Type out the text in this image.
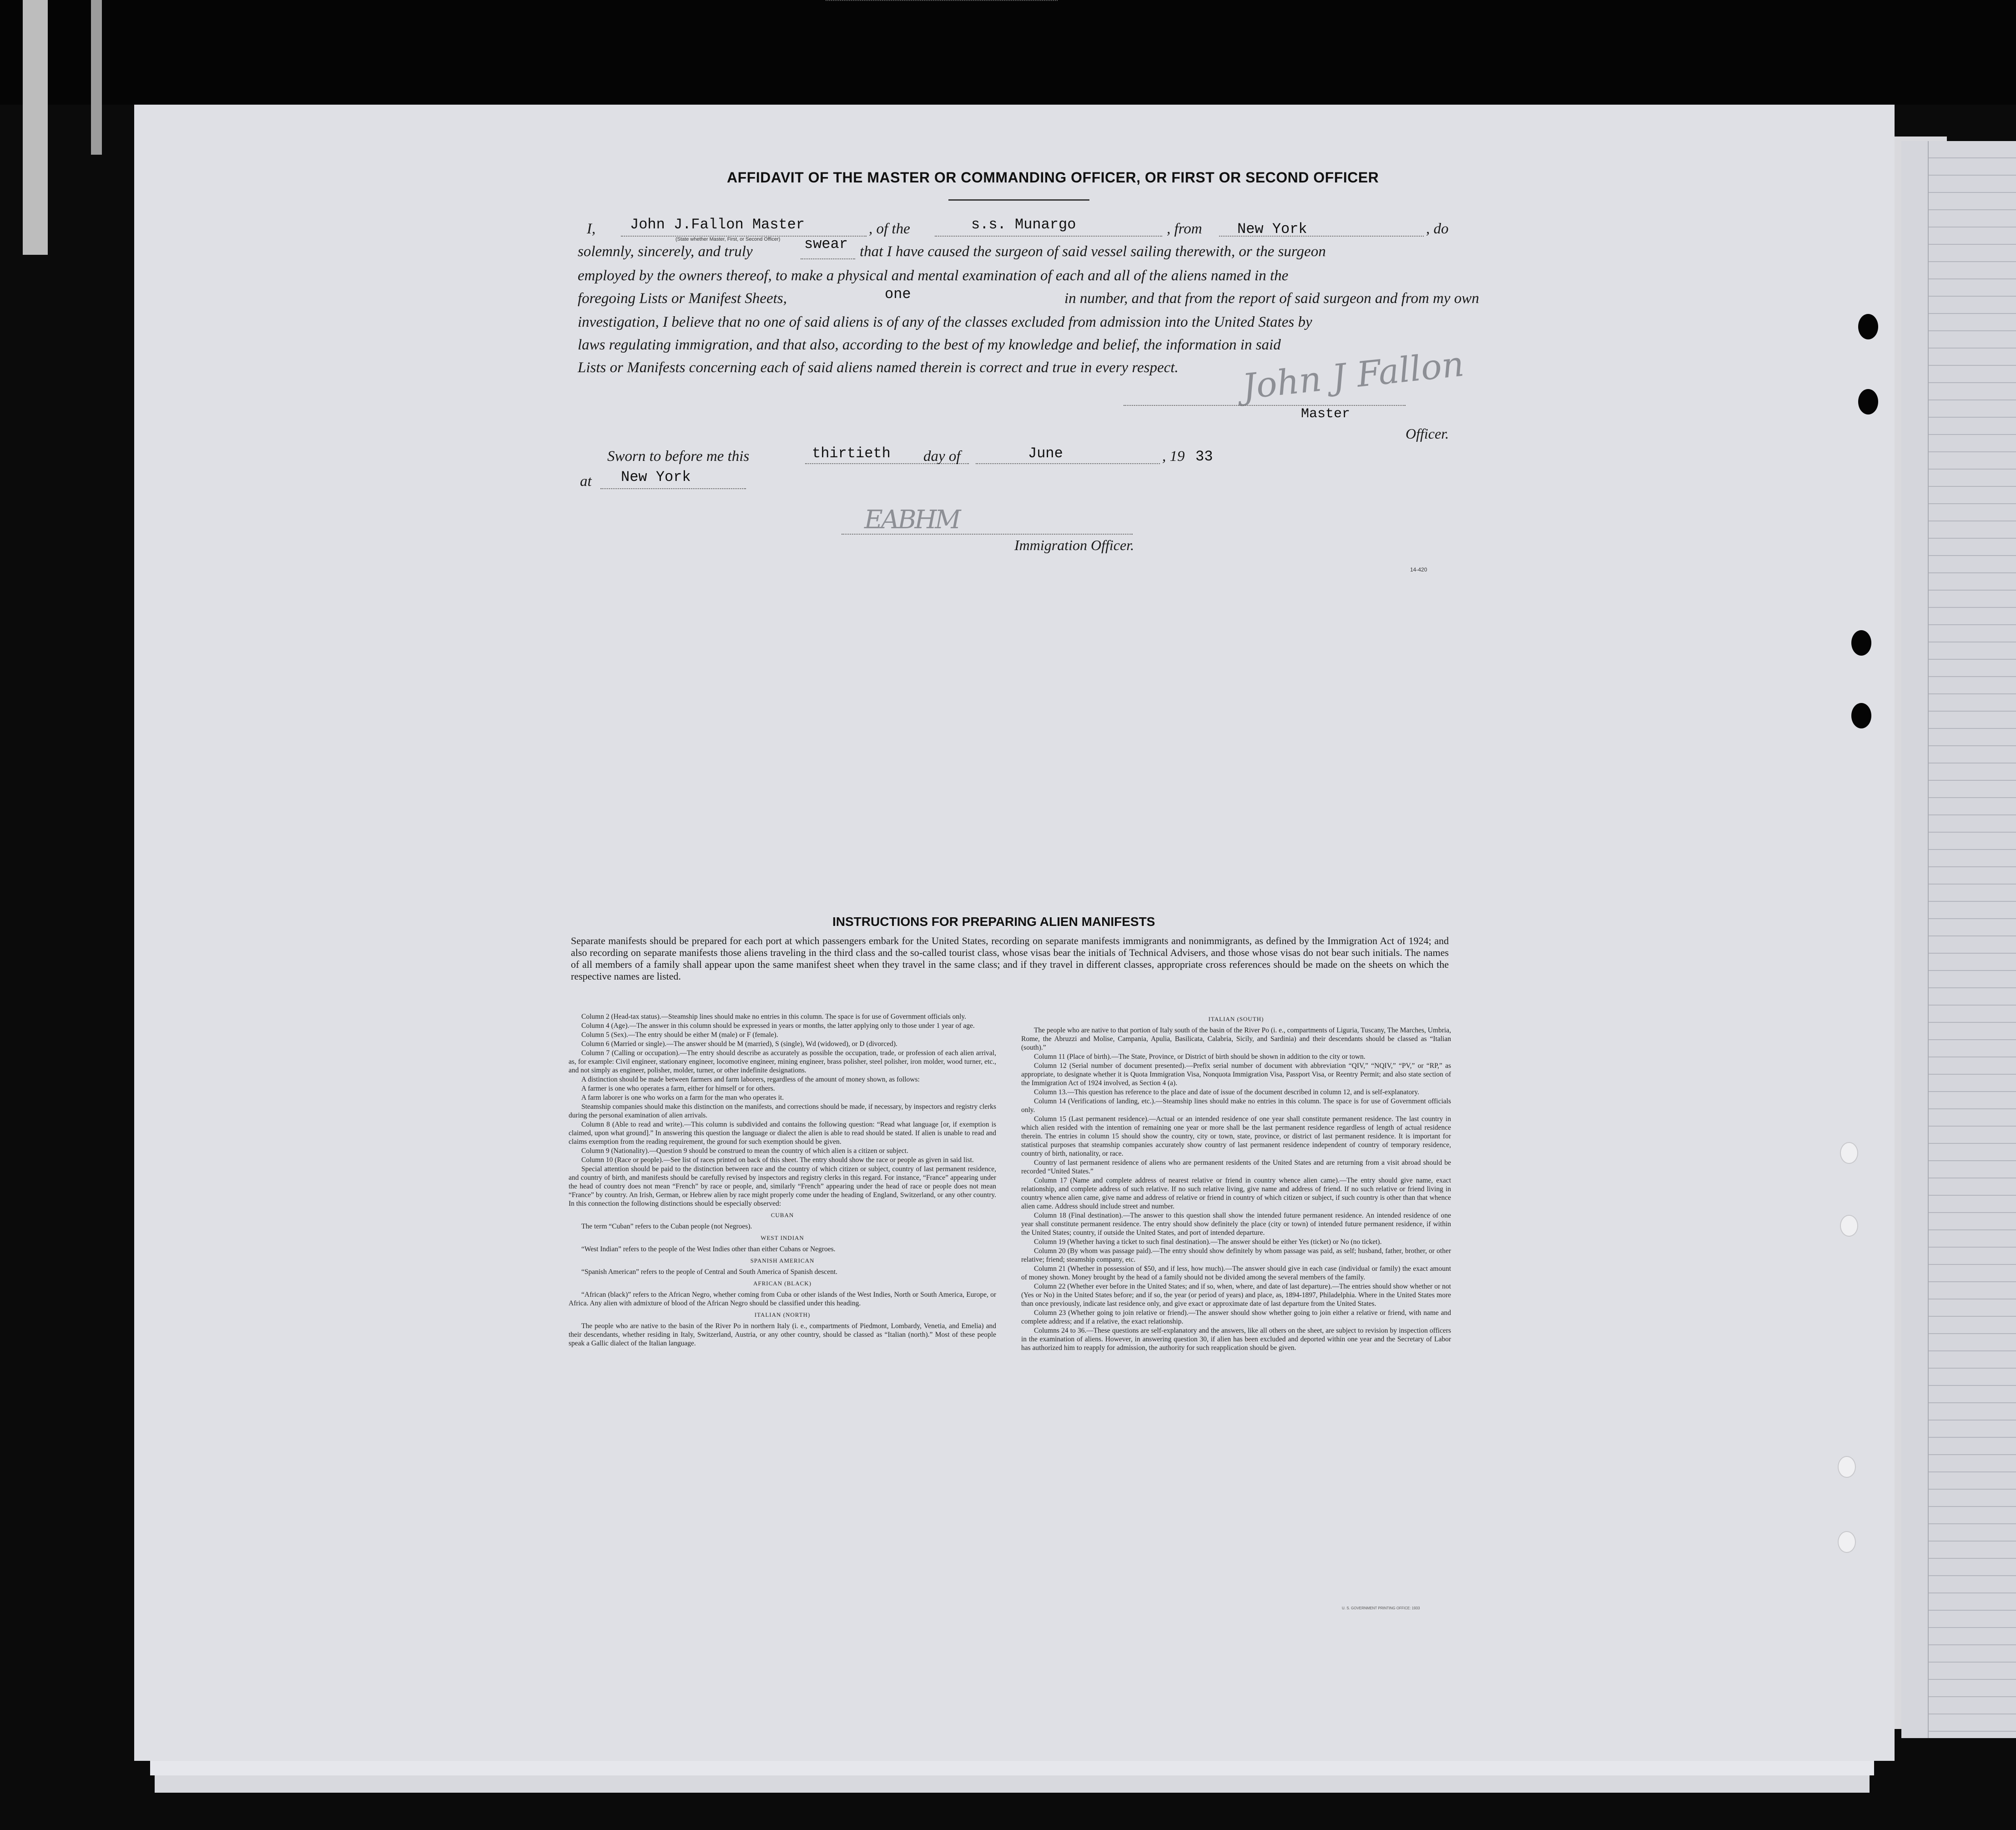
AFFIDAVIT OF THE MASTER OR COMMANDING OFFICER, OR FIRST OR SECOND OFFICER
I, John J.Fallon Master
(State whether Master, First, or Second Officer)
, of the	s.s. Munargo	, from New York	, do
solemnly, sincerely, and truly	swear that I have caused the surgeon of said vessel sailing therewith, or the surgeon
employed by the owners thereof, to make a physical and mental examination of each and all of the aliens named in the
foregoing Lists or Manifest Sheets,	one	in number, and that from the report of said surgeon and from my own
investigation, I believe that no one of said aliens is of any of the classes excluded from admission into the United States by
laws regulating immigration, and that also, according to the best of my knowledge and belief, the information in said
Lists or Manifests concerning each of said aliens named therein is correct and true in every respect. John J Fallon
Master
Officer.
Sworn to before me this	thirtieth day of	June	, 19 33
at New York
EABHM
Immigration Officer.
14-420
INSTRUCTIONS FOR PREPARING ALIEN MANIFESTS

Separate manifests should be prepared for each port at which passengers embark for the United States, recording on separate manifests immigrants and nonimmigrants, as defined by the Immigration Act of 1924; and also recording on separate manifests those aliens traveling in the third class and the so-called tourist class, whose visas bear the initials of Technical Advisers, and those whose visas do not bear such initials. The names of all members of a family shall appear upon the same manifest sheet when they travel in the same class; and if they travel in different classes, appropriate cross references should be made on the sheets on which the respective names are listed.

Column 2 (Head-tax status).—Steamship lines should make no entries in this column. The space is for use of Government officials only.

Column 4 (Age).—The answer in this column should be expressed in years or months, the latter applying only to those under 1 year of age.

Column 5 (Sex).—The entry should be either M (male) or F (female).

Column 6 (Married or single).—The answer should be M (married), S (single), Wd (widowed), or D (divorced).

Column 7 (Calling or occupation).—The entry should describe as accurately as possible the occupation, trade, or profession of each alien arrival, as, for example: Civil engineer, stationary engineer, locomotive engineer, mining engineer, brass polisher, steel polisher, iron molder, wood turner, etc., and not simply as engineer, polisher, molder, turner, or other indefinite designations.

A distinction should be made between farmers and farm laborers, regardless of the amount of money shown, as follows:

A farmer is one who operates a farm, either for himself or for others.

A farm laborer is one who works on a farm for the man who operates it.

Steamship companies should make this distinction on the manifests, and corrections should be made, if necessary, by inspectors and registry clerks during the personal examination of alien arrivals.

Column 8 (Able to read and write).—This column is subdivided and contains the following question: “Read what language [or, if exemption is claimed, upon what ground].” In answering this question the language or dialect the alien is able to read should be stated. If alien is unable to read and claims exemption from the reading requirement, the ground for such exemption should be given.

Column 9 (Nationality).—Question 9 should be construed to mean the country of which alien is a citizen or subject.

Column 10 (Race or people).—See list of races printed on back of this sheet. The entry should show the race or people as given in said list.

Special attention should be paid to the distinction between race and the country of which citizen or subject, country of last permanent residence, and country of birth, and manifests should be carefully revised by inspectors and registry clerks in this regard. For instance, “France” appearing under the head of country does not mean “French” by race or people, and, similarly “French” appearing under the head of race or people does not mean “France” by country. An Irish, German, or Hebrew alien by race might properly come under the heading of England, Switzerland, or any other country. In this connection the following distinctions should be especially observed:

CUBAN

The term “Cuban” refers to the Cuban people (not Negroes).

WEST INDIAN

“West Indian” refers to the people of the West Indies other than either Cubans or Negroes.

SPANISH AMERICAN

“Spanish American” refers to the people of Central and South America of Spanish descent.

AFRICAN (BLACK)

“African (black)” refers to the African Negro, whether coming from Cuba or other islands of the West Indies, North or South America, Europe, or Africa. Any alien with admixture of blood of the African Negro should be classified under this heading.

ITALIAN (NORTH)

The people who are native to the basin of the River Po in northern Italy (i. e., compartments of Piedmont, Lombardy, Venetia, and Emelia) and their descendants, whether residing in Italy, Switzerland, Austria, or any other country, should be classed as “Italian (north).” Most of these people speak a Gallic dialect of the Italian language.

ITALIAN (SOUTH)

The people who are native to that portion of Italy south of the basin of the River Po (i. e., compartments of Liguria, Tuscany, The Marches, Umbria, Rome, the Abruzzi and Molise, Campania, Apulia, Basilicata, Calabria, Sicily, and Sardinia) and their descendants should be classed as “Italian (south).”

Column 11 (Place of birth).—The State, Province, or District of birth should be shown in addition to the city or town.

Column 12 (Serial number of document presented).—Prefix serial number of document with abbreviation “QIV,” “NQIV,” “PV,” or “RP,” as appropriate, to designate whether it is Quota Immigration Visa, Nonquota Immigration Visa, Passport Visa, or Reentry Permit; and also state section of the Immigration Act of 1924 involved, as Section 4 (a).

Column 13.—This question has reference to the place and date of issue of the document described in column 12, and is self-explanatory.

Column 14 (Verifications of landing, etc.).—Steamship lines should make no entries in this column. The space is for use of Government officials only.

Column 15 (Last permanent residence).—Actual or an intended residence of one year shall constitute permanent residence. The last country in which alien resided with the intention of remaining one year or more shall be the last permanent residence regardless of length of actual residence therein. The entries in column 15 should show the country, city or town, state, province, or district of last permanent residence. It is important for statistical purposes that steamship companies accurately show country of last permanent residence independent of country of temporary residence, country of birth, nationality, or race.

Country of last permanent residence of aliens who are permanent residents of the United States and are returning from a visit abroad should be recorded “United States.”

Column 17 (Name and complete address of nearest relative or friend in country whence alien came).—The entry should give name, exact relationship, and complete address of such relative. If no such relative living, give name and address of friend. If no such relative or friend living in country whence alien came, give name and address of relative or friend in country of which citizen or subject, if such country is other than that whence alien came. Address should include street and number.

Column 18 (Final destination).—The answer to this question shall show the intended future permanent residence. An intended residence of one year shall constitute permanent residence. The entry should show definitely the place (city or town) of intended future permanent residence, if within the United States; country, if outside the United States, and port of intended departure.

Column 19 (Whether having a ticket to such final destination).—The answer should be either Yes (ticket) or No (no ticket).

Column 20 (By whom was passage paid).—The entry should show definitely by whom passage was paid, as self; husband, father, brother, or other relative; friend; steamship company, etc.

Column 21 (Whether in possession of $50, and if less, how much).—The answer should give in each case (individual or family) the exact amount of money shown. Money brought by the head of a family should not be divided among the several members of the family.

Column 22 (Whether ever before in the United States; and if so, when, where, and date of last departure).—The entries should show whether or not (Yes or No) in the United States before; and if so, the year (or period of years) and place, as, 1894-1897, Philadelphia. Where in the United States more than once previously, indicate last residence only, and give exact or approximate date of last departure from the United States.

Column 23 (Whether going to join relative or friend).—The answer should show whether going to join either a relative or friend, with name and complete address; and if a relative, the exact relationship.

Columns 24 to 36.—These questions are self-explanatory and the answers, like all others on the sheet, are subject to revision by inspection officers in the examination of aliens. However, in answering question 30, if alien has been excluded and deported within one year and the Secretary of Labor has authorized him to reapply for admission, the authority for such reapplication should be given.

U. S. GOVERNMENT PRINTING OFFICE: 1933
